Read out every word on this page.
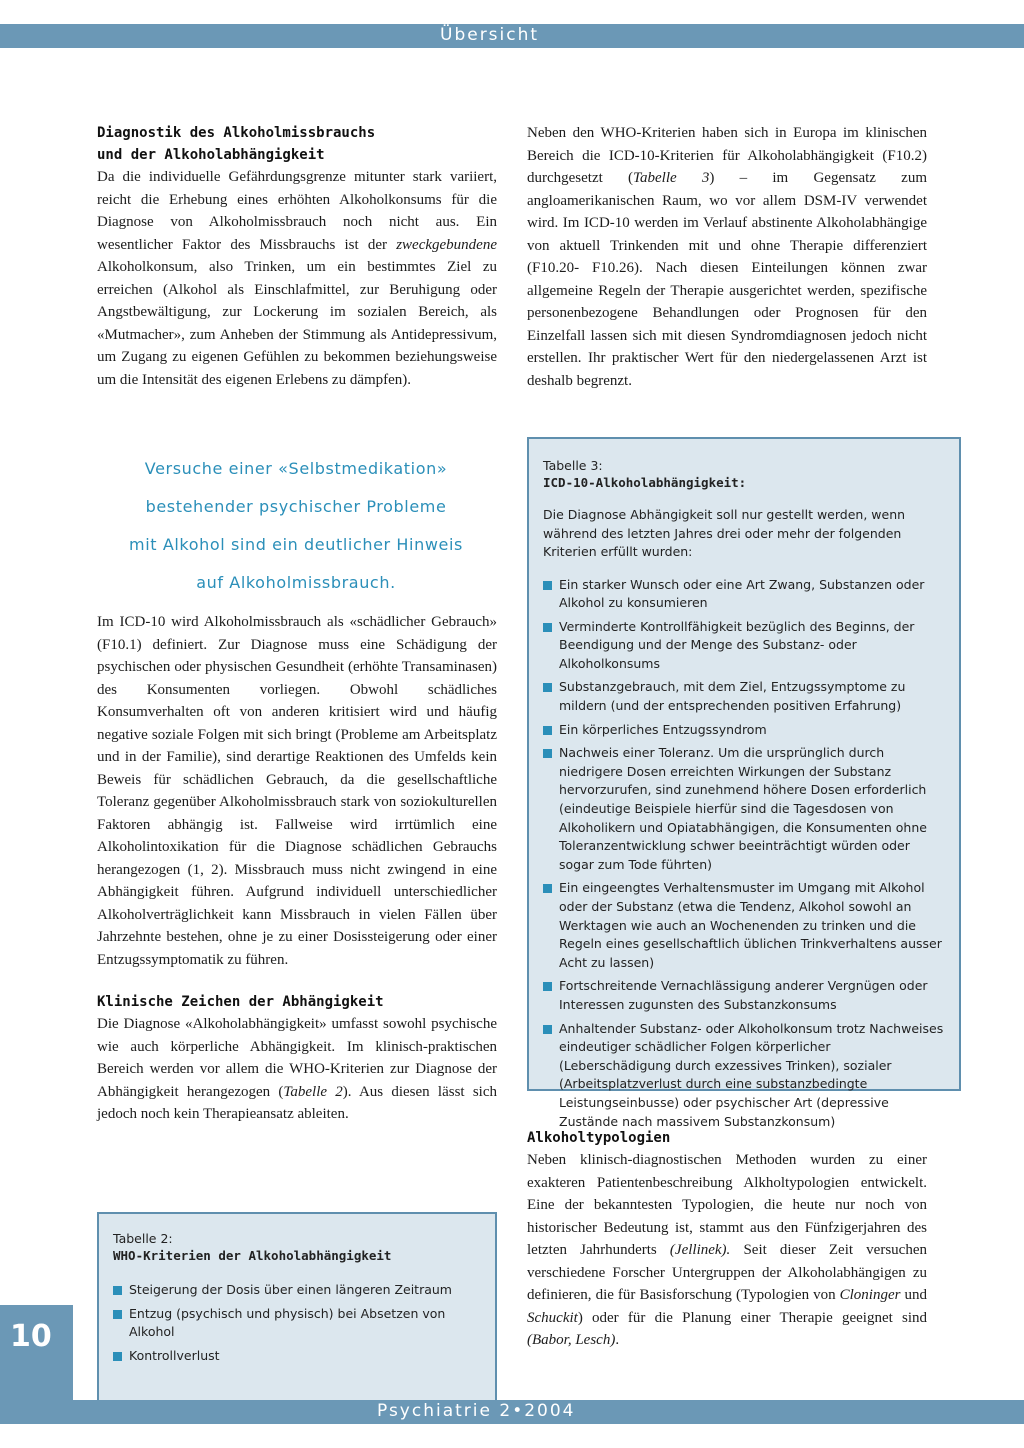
Übersicht
Diagnostik des Alkoholmissbrauchs
und der Alkoholabhängigkeit

Da die individuelle Gefährdungsgrenze mitunter stark variiert, reicht die Erhebung eines erhöhten Alkoholkonsums für die Diagnose von Alkoholmissbrauch noch nicht aus. Ein wesentlicher Faktor des Missbrauchs ist der zweckgebundene Alkoholkonsum, also Trinken, um ein bestimmtes Ziel zu erreichen (Alkohol als Einschlafmittel, zur Beruhigung oder Angstbewältigung, zur Lockerung im sozialen Bereich, als «Mutmacher», zum Anheben der Stimmung als Antidepressivum, um Zugang zu eigenen Gefühlen zu bekommen beziehungsweise um die Intensität des eigenen Erlebens zu dämpfen).

Versuche einer «Selbstmedikation»

bestehender psychischer Probleme

mit Alkohol sind ein deutlicher Hinweis

auf Alkoholmissbrauch.

Im ICD-10 wird Alkoholmissbrauch als «schädlicher Gebrauch» (F10.1) definiert. Zur Diagnose muss eine Schädigung der psychischen oder physischen Gesundheit (erhöhte Transaminasen) des Konsumenten vorliegen. Obwohl schädliches Konsumverhalten oft von anderen kritisiert wird und häufig negative soziale Folgen mit sich bringt (Probleme am Arbeitsplatz und in der Familie), sind derartige Reaktionen des Umfelds kein Beweis für schädlichen Gebrauch, da die gesellschaftliche Toleranz gegenüber Alkoholmissbrauch stark von soziokulturellen Faktoren abhängig ist. Fallweise wird irrtümlich eine Alkoholintoxikation für die Diagnose schädlichen Gebrauchs herangezogen (1, 2). Missbrauch muss nicht zwingend in eine Abhängigkeit führen. Aufgrund individuell unterschiedlicher Alkoholverträglichkeit kann Missbrauch in vielen Fällen über Jahrzehnte bestehen, ohne je zu einer Dosissteigerung oder einer Entzugssymptomatik zu führen.

Klinische Zeichen der Abhängigkeit

Die Diagnose «Alkoholabhängigkeit» umfasst sowohl psychische wie auch körperliche Abhängigkeit. Im klinisch-praktischen Bereich werden vor allem die WHO-Kriterien zur Diagnose der Abhängigkeit herangezogen (Tabelle 2). Aus diesen lässt sich jedoch noch kein Therapieansatz ableiten.

Tabelle 2:
WHO-Kriterien der Alkoholabhängigkeit
Steigerung der Dosis über einen längeren Zeitraum
Entzug (psychisch und physisch) bei Absetzen von Alkohol
Kontrollverlust

Neben den WHO-Kriterien haben sich in Europa im klinischen Bereich die ICD-10-Kriterien für Alkoholabhängigkeit (F10.2) durchgesetzt (Tabelle 3) – im Gegensatz zum angloamerikanischen Raum, wo vor allem DSM-IV verwendet wird. Im ICD-10 werden im Verlauf abstinente Alkoholabhängige von aktuell Trinkenden mit und ohne Therapie differenziert (F10.20- F10.26). Nach diesen Einteilungen können zwar allgemeine Regeln der Therapie ausgerichtet werden, spezifische personenbezogene Behandlungen oder Prognosen für den Einzelfall lassen sich mit diesen Syndromdiagnosen jedoch nicht erstellen. Ihr praktischer Wert für den niedergelassenen Arzt ist deshalb begrenzt.

Tabelle 3:
ICD-10-Alkoholabhängigkeit:
Die Diagnose Abhängigkeit soll nur gestellt werden, wenn während des letzten Jahres drei oder mehr der folgenden Kriterien erfüllt wurden:
Ein starker Wunsch oder eine Art Zwang, Substanzen oder Alkohol zu konsumieren
Verminderte Kontrollfähigkeit bezüglich des Beginns, der Beendigung und der Menge des Substanz- oder Alkoholkonsums
Substanzgebrauch, mit dem Ziel, Entzugssymptome zu mildern (und der entsprechenden positiven Erfahrung)
Ein körperliches Entzugssyndrom
Nachweis einer Toleranz. Um die ursprünglich durch niedrigere Dosen erreichten Wirkungen der Substanz hervorzurufen, sind zunehmend höhere Dosen erforderlich (eindeutige Beispiele hierfür sind die Tagesdosen von Alkoholikern und Opiatabhängigen, die Konsumenten ohne Toleranzentwicklung schwer beeinträchtigt würden oder sogar zum Tode führten)
Ein eingeengtes Verhaltensmuster im Umgang mit Alkohol oder der Substanz (etwa die Tendenz, Alkohol sowohl an Werktagen wie auch an Wochenenden zu trinken und die Regeln eines gesellschaftlich üblichen Trinkverhaltens ausser Acht zu lassen)
Fortschreitende Vernachlässigung anderer Vergnügen oder Interessen zugunsten des Substanzkonsums
Anhaltender Substanz- oder Alkoholkonsum trotz Nachweises eindeutiger schädlicher Folgen körperlicher (Leberschädigung durch exzessives Trinken), sozialer (Arbeitsplatzverlust durch eine substanzbedingte Leistungseinbusse) oder psychischer Art (depressive Zustände nach massivem Substanzkonsum)
Alkoholtypologien

Neben klinisch-diagnostischen Methoden wurden zu einer exakteren Patientenbeschreibung Alkholtypologien entwickelt. Eine der bekanntesten Typologien, die heute nur noch von historischer Bedeutung ist, stammt aus den Fünfzigerjahren des letzten Jahrhunderts (Jellinek). Seit dieser Zeit versuchen verschiedene Forscher Untergruppen der Alkoholabhängigen zu definieren, die für Basisforschung (Typologien von Cloninger und Schuckit) oder für die Planung einer Therapie geeignet sind (Babor, Lesch).

10
Psychiatrie 2•2004
